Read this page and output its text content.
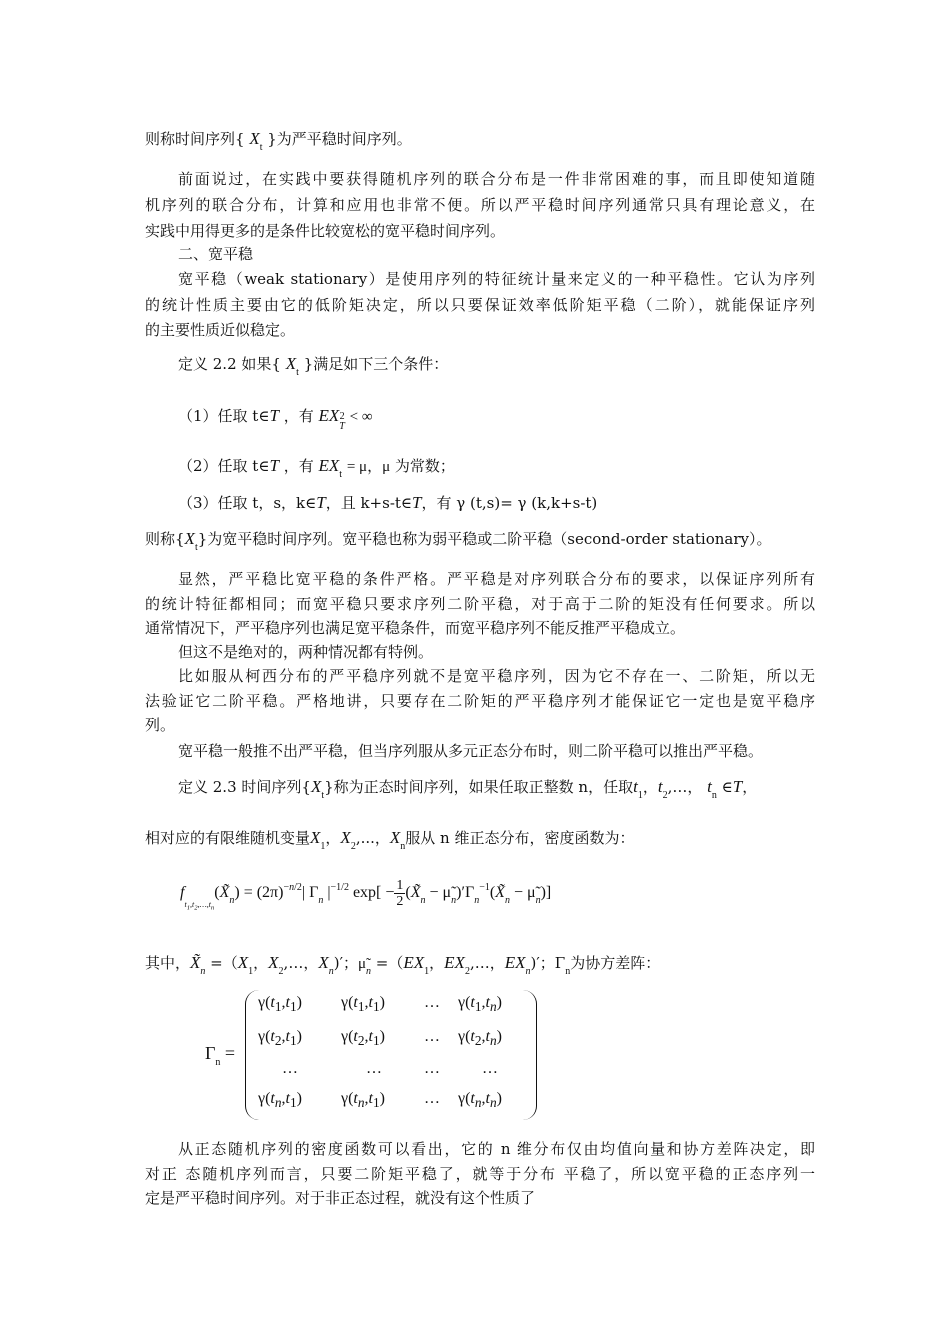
则称时间序列{ $X_t$ }为严平稳时间序列。
前面说过，在实践中要获得随机序列的联合分布是一件非常困难的事，而且即使知道随
机序列的联合分布，计算和应用也非常不便。所以严平稳时间序列通常只具有理论意义，在
实践中用得更多的是条件比较宽松的宽平稳时间序列。
二、宽平稳
宽平稳（weak stationary）是使用序列的特征统计量来定义的一种平稳性。它认为序列
的统计性质主要由它的低阶矩决定，所以只要保证效率低阶矩平稳（二阶），就能保证序列
的主要性质近似稳定。
定义 2.2 如果{ $X_t$ }满足如下三个条件：
（1）任取 t∈T ，有 EX 2
T
< ∞
（2）任取 t∈T ，有 $EX_t = \mu$，μ 为常数；
（3）任取 t，s，k∈T，且 k+s-t∈T，有 γ (t,s)= γ (k,k+s-t)
则称$\{X_t\}$为宽平稳时间序列。宽平稳也称为弱平稳或二阶平稳（second-order stationary）。
显然，严平稳比宽平稳的条件严格。严平稳是对序列联合分布的要求，以保证序列所有
的统计特征都相同；而宽平稳只要求序列二阶平稳，对于高于二阶的矩没有任何要求。所以
通常情况下，严平稳序列也满足宽平稳条件，而宽平稳序列不能反推严平稳成立。
但这不是绝对的，两种情况都有特例。
比如服从柯西分布的严平稳序列就不是宽平稳序列，因为它不存在一、二阶矩，所以无
法验证它二阶平稳。严格地讲，只要存在二阶矩的严平稳序列才能保证它一定也是宽平稳序
列。
宽平稳一般推不出严平稳，但当序列服从多元正态分布时，则二阶平稳可以推出严平稳。
定义 2.3 时间序列$\{X_t\}$称为正态时间序列，如果任取正整数 n，任取$t_1$，$t_2,\dots$， $t_n$ ∈T，
相对应的有限维随机变量$X_1$，$X_2$,...，$X_n$服从 n 维正态分布，密度函数为：
$f_{t_1,t_2,\dots,t_n}(X̃_n) = (2\pi)^{-n/2}|$ $\Gamma_n$ $|^{-1/2}$ $\exp[ - \frac{1}{2}$ ($X̃_n$ − $\mũ_n)'\Gamma_n^{-1}(X̃_n$ − $\mũ_n$)]
其中，$X̃_n =(X_1$，$X_2,\dots$，$X_n)'$；$\mũ_n =(EX_1$，$EX_2,\dots$，$EX_n)'$；$\Gamma_n$为协方差阵：
$\Gamma_n$ =
$\gamma(t_1,t_1)$ $\gamma(t_1,t_1)$ … $\gamma(t_1,t_n)$
$\gamma(t_2,t_1)$ $\gamma(t_2,t_1)$ … $\gamma(t_2,t_n)$
…	…	…	…
$\gamma(t_n,t_1)$ $\gamma(t_n,t_1)$ … $\gamma(t_n,t_n)$
从正态随机序列的密度函数可以看出，它的 n 维分布仅由均值向量和协方差阵决定，即
对正 态随机序列而言，只要二阶矩平稳了，就等于分布 平稳了，所以宽平稳的正态序列一
定是严平稳时间序列。对于非正态过程，就没有这个性质了
